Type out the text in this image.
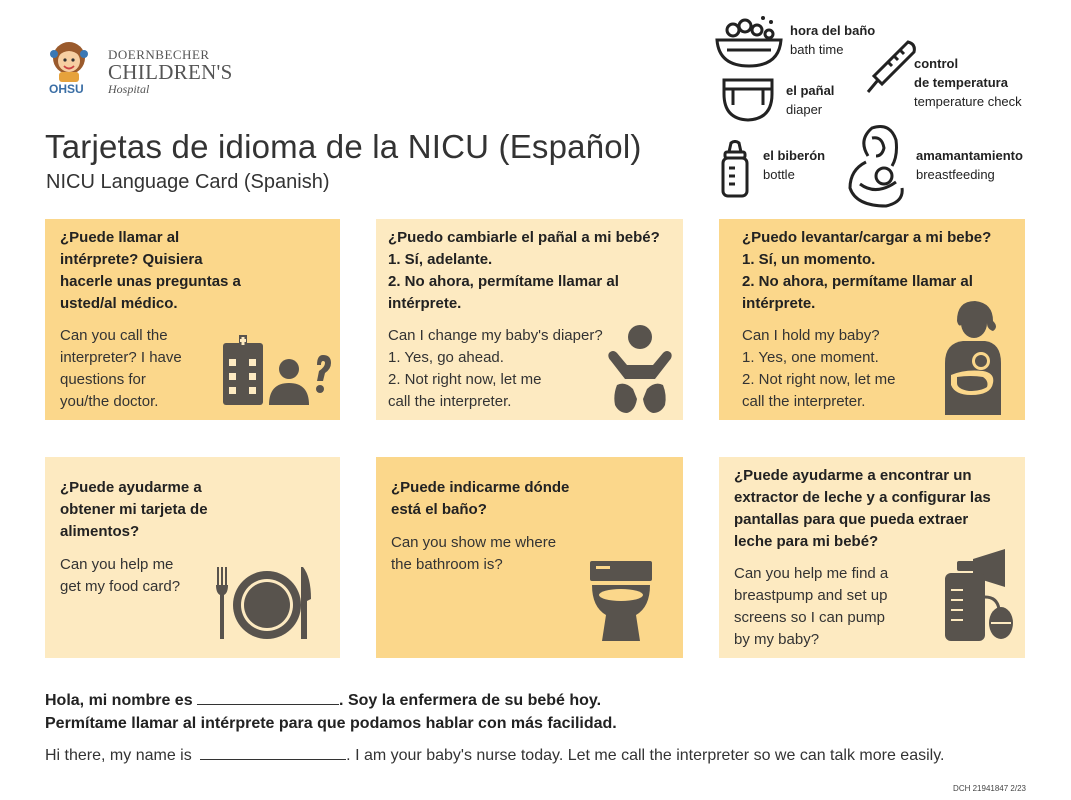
OHSU
DOERNBECHER
CHILDREN'S
Hospital
Tarjetas de idioma de la NICU (Español)
NICU Language Card (Spanish)
hora del baño
bath time
control
de temperatura
temperature check
el pañal
diaper
el biberón
bottle
amamantamiento
breastfeeding
¿Puede llamar al
intérprete? Quisiera
hacerle unas preguntas a
usted/al médico.
Can you call the
interpreter? I have
questions for
you/the doctor.
¿Puedo cambiarle el pañal a mi bebé?
1. Sí, adelante.
2. No ahora, permítame llamar al
intérprete.
Can I change my baby's diaper?
1. Yes, go ahead.
2. Not right now, let me
call the interpreter.
¿Puedo levantar/cargar a mi bebe?
1. Sí, un momento.
2. No ahora, permítame llamar al
intérprete.
Can I hold my baby?
1. Yes, one moment.
2. Not right now, let me
call the interpreter.
¿Puede ayudarme a
obtener mi tarjeta de
alimentos?
Can you help me
get my food card?
¿Puede indicarme dónde
está el baño?
Can you show me where
the bathroom is?
¿Puede ayudarme a encontrar un
extractor de leche y a configurar las
pantallas para que pueda extraer
leche para mi bebé?
Can you help me find a
breastpump and set up
screens so I can pump
by my baby?
Hola, mi nombre es	. Soy la enfermera de su bebé hoy.
Permítame llamar al intérprete para que podamos hablar con más facilidad.
Hi there, my name is	. I am your baby's nurse today. Let me call the interpreter so we can talk more easily.
DCH 21941847 2/23
